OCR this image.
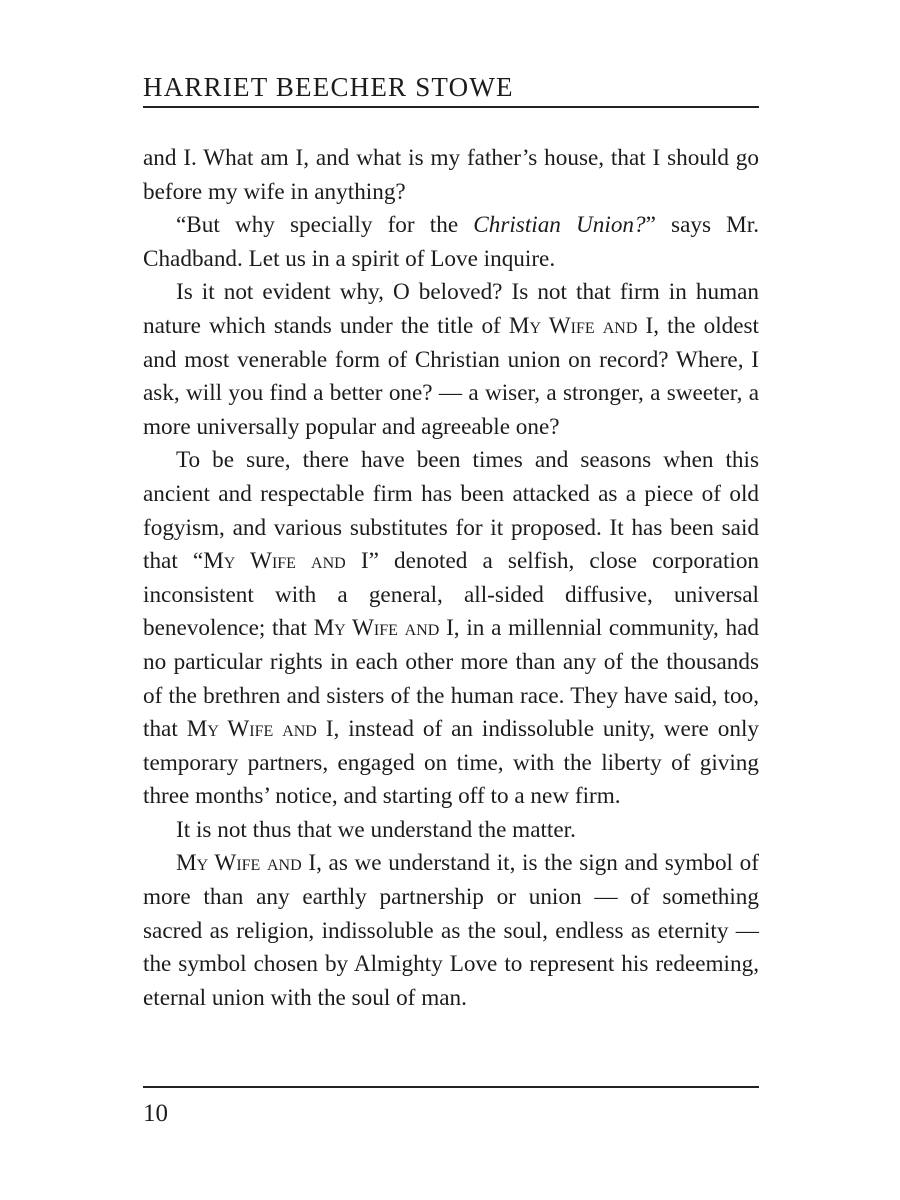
HARRIET BEECHER STOWE

and I. What am I, and what is my father’s house, that I should go before my wife in anything?

“But why specially for the Christian Union?” says Mr. Chadband. Let us in a spirit of Love inquire.

Is it not evident why, O beloved? Is not that firm in human nature which stands under the title of My Wife and I, the oldest and most venerable form of Christian union on record? Where, I ask, will you find a better one? — a wiser, a stronger, a sweeter, a more universally popular and agreeable one?

To be sure, there have been times and seasons when this ancient and respectable firm has been attacked as a piece of old fogyism, and various substitutes for it proposed. It has been said that “My Wife and I” denoted a selfish, close corporation inconsistent with a general, all-sided diffusive, universal benevolence; that My Wife and I, in a millennial community, had no particular rights in each other more than any of the thousands of the brethren and sisters of the human race. They have said, too, that My Wife and I, instead of an indissoluble unity, were only temporary partners, engaged on time, with the liberty of giving three months’ notice, and starting off to a new firm.

It is not thus that we understand the matter.

My Wife and I, as we understand it, is the sign and symbol of more than any earthly partnership or union — of something sacred as religion, indissoluble as the soul, endless as eternity — the symbol chosen by Almighty Love to represent his redeeming, eternal union with the soul of man.

10
